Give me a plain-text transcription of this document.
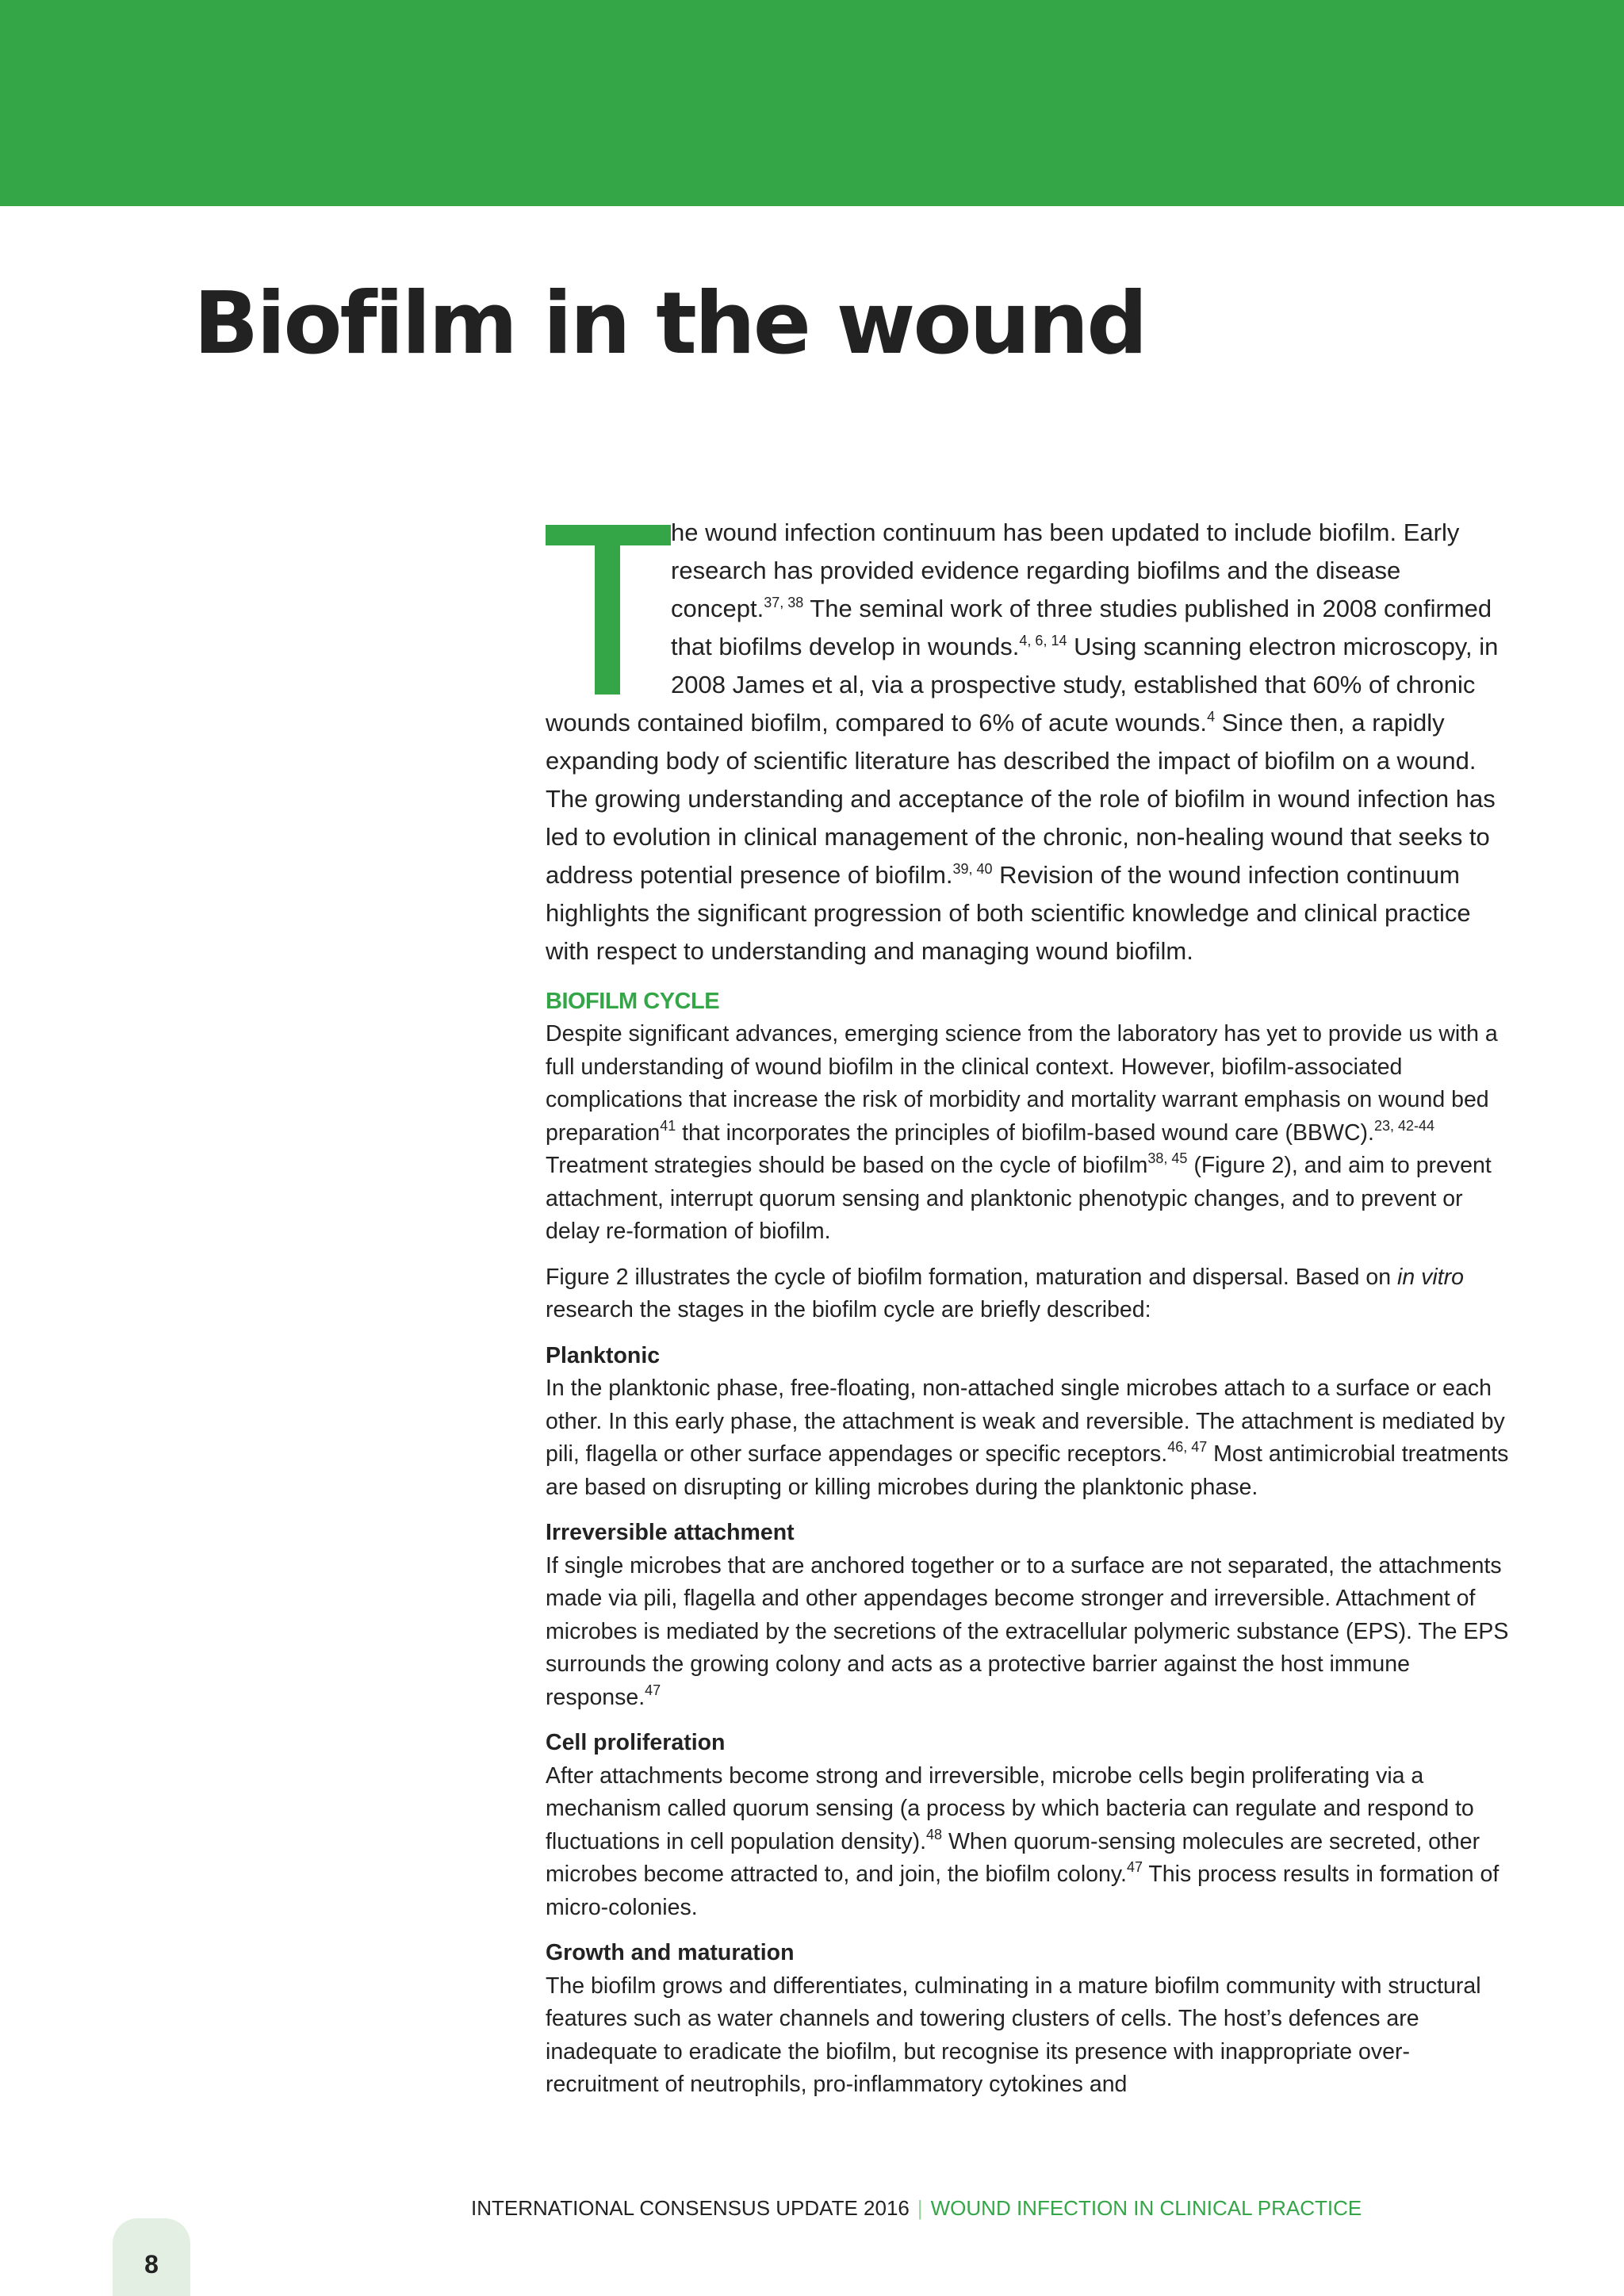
Biofilm in the wound

he wound infection continuum has been updated to include biofilm. Early research has provided evidence regarding biofilms and the disease concept.$^{37, 38}$ The seminal work of three studies published in 2008 confirmed that biofilms develop in wounds.$^{4, 6, 14}$ Using scanning electron microscopy, in 2008 James et al, via a prospective study, established that 60% of chronic wounds contained biofilm, compared to 6% of acute wounds.$^4$ Since then, a rapidly expanding body of scientific literature has described the impact of biofilm on a wound. The growing understanding and acceptance of the role of biofilm in wound infection has led to evolution in clinical management of the chronic, non-healing wound that seeks to address potential presence of biofilm.$^{39, 40}$ Revision of the wound infection continuum highlights the significant progression of both scientific knowledge and clinical practice with respect to understanding and managing wound biofilm.

BIOFILM CYCLE

Despite significant advances, emerging science from the laboratory has yet to provide us with a full understanding of wound biofilm in the clinical context. However, biofilm-associated complications that increase the risk of morbidity and mortality warrant emphasis on wound bed preparation$^{41}$ that incorporates the principles of biofilm-based wound care (BBWC).$^{23, 42-44}$ Treatment strategies should be based on the cycle of biofilm$^{38, 45}$ (Figure 2), and aim to prevent attachment, interrupt quorum sensing and planktonic phenotypic changes, and to prevent or delay re-formation of biofilm.

Figure 2 illustrates the cycle of biofilm formation, maturation and dispersal. Based on in vitro research the stages in the biofilm cycle are briefly described:

Planktonic

In the planktonic phase, free-floating, non-attached single microbes attach to a surface or each other. In this early phase, the attachment is weak and reversible. The attachment is mediated by pili, flagella or other surface appendages or specific receptors.$^{46, 47}$ Most antimicrobial treatments are based on disrupting or killing microbes during the planktonic phase.

Irreversible attachment

If single microbes that are anchored together or to a surface are not separated, the attachments made via pili, flagella and other appendages become stronger and irreversible. Attachment of microbes is mediated by the secretions of the extracellular polymeric substance (EPS). The EPS surrounds the growing colony and acts as a protective barrier against the host immune response.$^{47}$

Cell proliferation

After attachments become strong and irreversible, microbe cells begin proliferating via a mechanism called quorum sensing (a process by which bacteria can regulate and respond to fluctuations in cell population density).$^{48}$ When quorum-sensing molecules are secreted, other microbes become attracted to, and join, the biofilm colony.$^{47}$ This process results in formation of micro-colonies.

Growth and maturation

The biofilm grows and differentiates, culminating in a mature biofilm community with structural features such as water channels and towering clusters of cells. The host’s defences are inadequate to eradicate the biofilm, but recognise its presence with inappropriate over-recruitment of neutrophils, pro-inflammatory cytokines and

INTERNATIONAL CONSENSUS UPDATE 2016 | WOUND INFECTION IN CLINICAL PRACTICE
8
